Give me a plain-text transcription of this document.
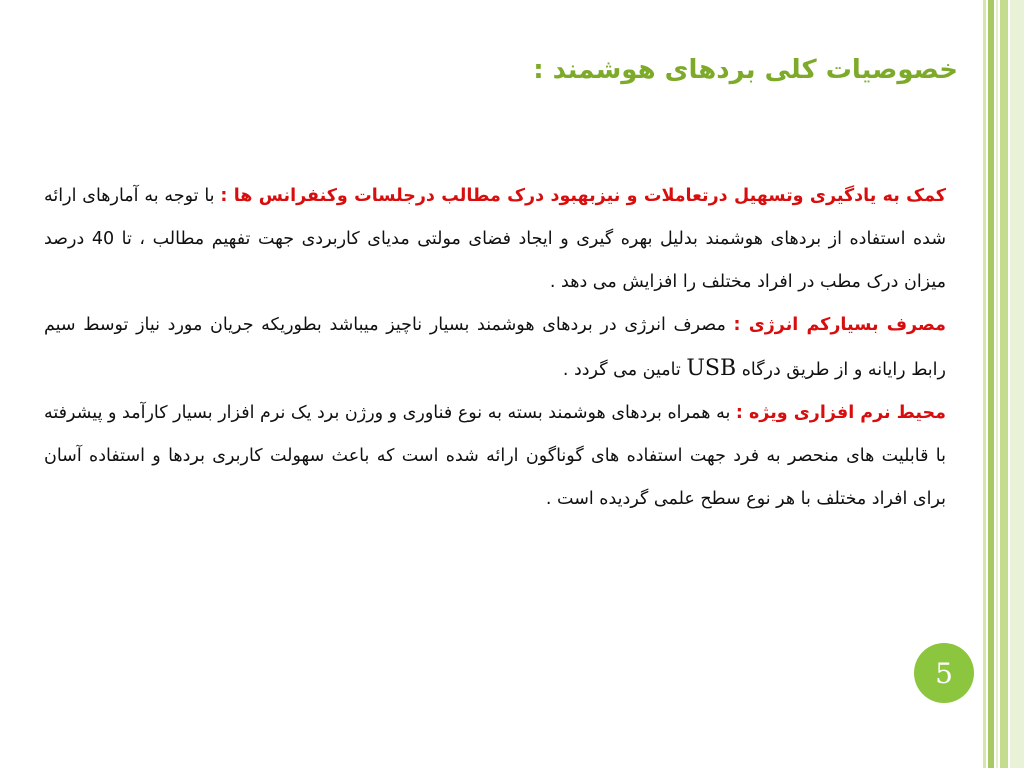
خصوصیات کلی بردهای هوشمند :

کمک به یادگیری وتسهیل درتعاملات و نیزبهبود درک مطالب درجلسات وکنفرانس ها : با توجه به آمارهای ارائه شده استفاده از بردهای هوشمند بدلیل بهره گیری و ایجاد فضای مولتی مدیای کاربردی جهت تفهیم مطالب ، تا 40 درصد میزان درک مطب در افراد مختلف را افزایش می دهد .

مصرف بسیارکم انرژی : مصرف انرژی در بردهای هوشمند بسیار ناچیز میباشد بطوریکه جریان مورد نیاز توسط سیم رابط رایانه و از طریق درگاه USB تامین می گردد .

محیط نرم افزاری ویژه : به همراه بردهای هوشمند بسته به نوع فناوری و ورژن برد یک نرم افزار بسیار کارآمد و پیشرفته با قابلیت های منحصر به فرد جهت استفاده های گوناگون ارائه شده است که باعث سهولت کاربری بردها و استفاده آسان برای افراد مختلف با هر نوع سطح علمی گردیده است .

5
